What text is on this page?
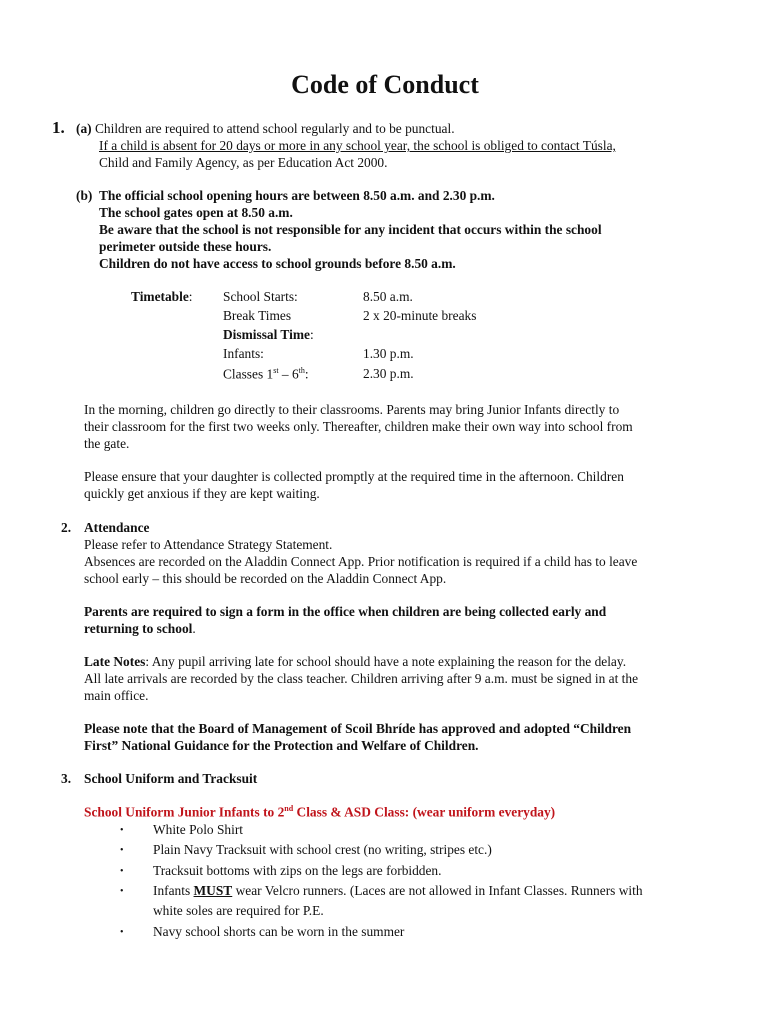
Code of Conduct
1. (a) Children are required to attend school regularly and to be punctual.
If a child is absent for 20 days or more in any school year, the school is obliged to contact Túsla,
Child and Family Agency, as per Education Act 2000.
(b) The official school opening hours are between 8.50 a.m. and 2.30 p.m.
The school gates open at 8.50 a.m.
Be aware that the school is not responsible for any incident that occurs within the school
perimeter outside these hours.
Children do not have access to school grounds before 8.50 a.m.
Timetable: School Starts:	8.50 a.m.
Break Times	2 x 20-minute breaks
Dismissal Time:
Infants:	1.30 p.m.
Classes 1st – 6th:	2.30 p.m.
In the morning, children go directly to their classrooms. Parents may bring Junior Infants directly to
their classroom for the first two weeks only. Thereafter, children make their own way into school from
the gate.
Please ensure that your daughter is collected promptly at the required time in the afternoon. Children
quickly get anxious if they are kept waiting.
2. Attendance
Please refer to Attendance Strategy Statement.
Absences are recorded on the Aladdin Connect App. Prior notification is required if a child has to leave
school early – this should be recorded on the Aladdin Connect App.
Parents are required to sign a form in the office when children are being collected early and
returning to school.
Late Notes: Any pupil arriving late for school should have a note explaining the reason for the delay.
All late arrivals are recorded by the class teacher. Children arriving after 9 a.m. must be signed in at the
main office.
Please note that the Board of Management of Scoil Bhríde has approved and adopted “Children
First” National Guidance for the Protection and Welfare of Children.
3. School Uniform and Tracksuit
School Uniform Junior Infants to 2nd Class & ASD Class: (wear uniform everyday)
• White Polo Shirt
• Plain Navy Tracksuit with school crest (no writing, stripes etc.)
• Tracksuit bottoms with zips on the legs are forbidden.
• Infants MUST wear Velcro runners. (Laces are not allowed in Infant Classes. Runners with
white soles are required for P.E.
• Navy school shorts can be worn in the summer
